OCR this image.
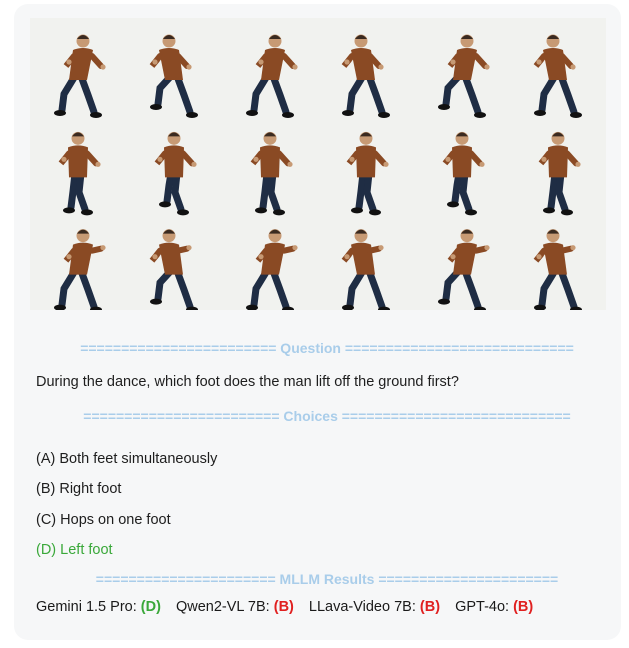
======================== Question ============================
During the dance, which foot does the man lift off the ground first?
======================== Choices ============================
(A) Both feet simultaneously
(B) Right foot
(C) Hops on one foot
(D) Left foot
====================== MLLM Results ======================
Gemini 1.5 Pro: (D) Qwen2-VL 7B: (B) LLava-Video 7B: (B) GPT-4o: (B)
